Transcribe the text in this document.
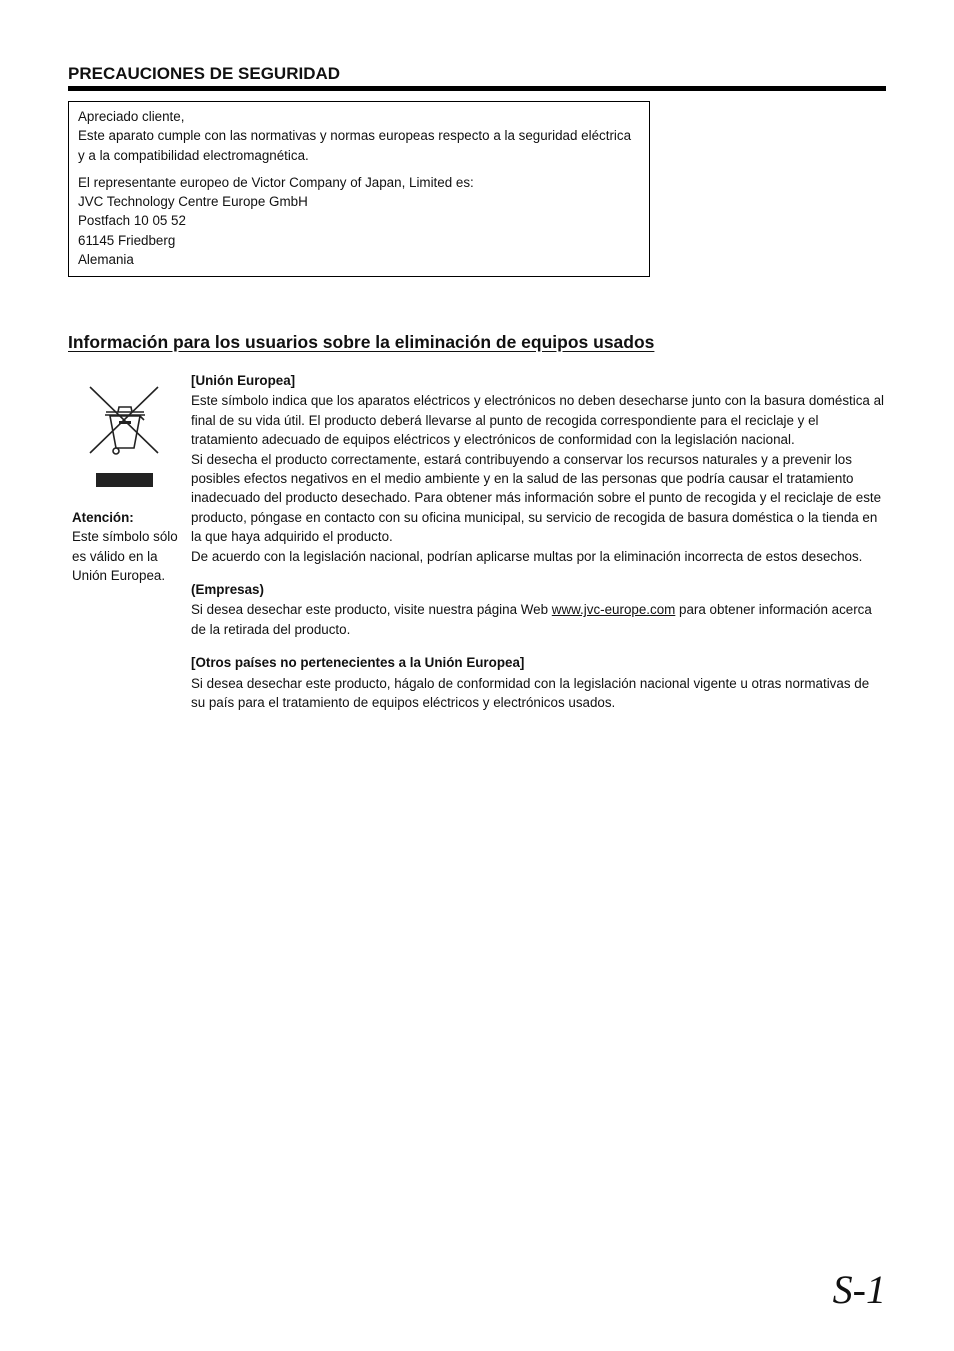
PRECAUCIONES DE SEGURIDAD

Apreciado cliente,

Este aparato cumple con las normativas y normas europeas respecto a la seguridad eléctrica y a la compatibilidad electromagnética.

El representante europeo de Victor Company of Japan, Limited es:

JVC Technology Centre Europe GmbH

Postfach 10 05 52

61145 Friedberg

Alemania

Información para los usuarios sobre la eliminación de equipos usados
Atención:
Este símbolo sólo es válido en la Unión Europea.
[Unión Europea]

Este símbolo indica que los aparatos eléctricos y electrónicos no deben desecharse junto con la basura doméstica al final de su vida útil. El producto deberá llevarse al punto de recogida correspondiente para el reciclaje y el tratamiento adecuado de equipos eléctricos y electrónicos de conformidad con la legislación nacional.

Si desecha el producto correctamente, estará contribuyendo a conservar los recursos naturales y a prevenir los posibles efectos negativos en el medio ambiente y en la salud de las personas que podría causar el tratamiento inadecuado del producto desechado. Para obtener más información sobre el punto de recogida y el reciclaje de este producto, póngase en contacto con su oficina municipal, su servicio de recogida de basura doméstica o la tienda en la que haya adquirido el producto.

De acuerdo con la legislación nacional, podrían aplicarse multas por la eliminación incorrecta de estos desechos.

(Empresas)

Si desea desechar este producto, visite nuestra página Web www.jvc-europe.com para obtener información acerca de la retirada del producto.

[Otros países no pertenecientes a la Unión Europea]

Si desea desechar este producto, hágalo de conformidad con la legislación nacional vigente u otras normativas de su país para el tratamiento de equipos eléctricos y electrónicos usados.

S-1
